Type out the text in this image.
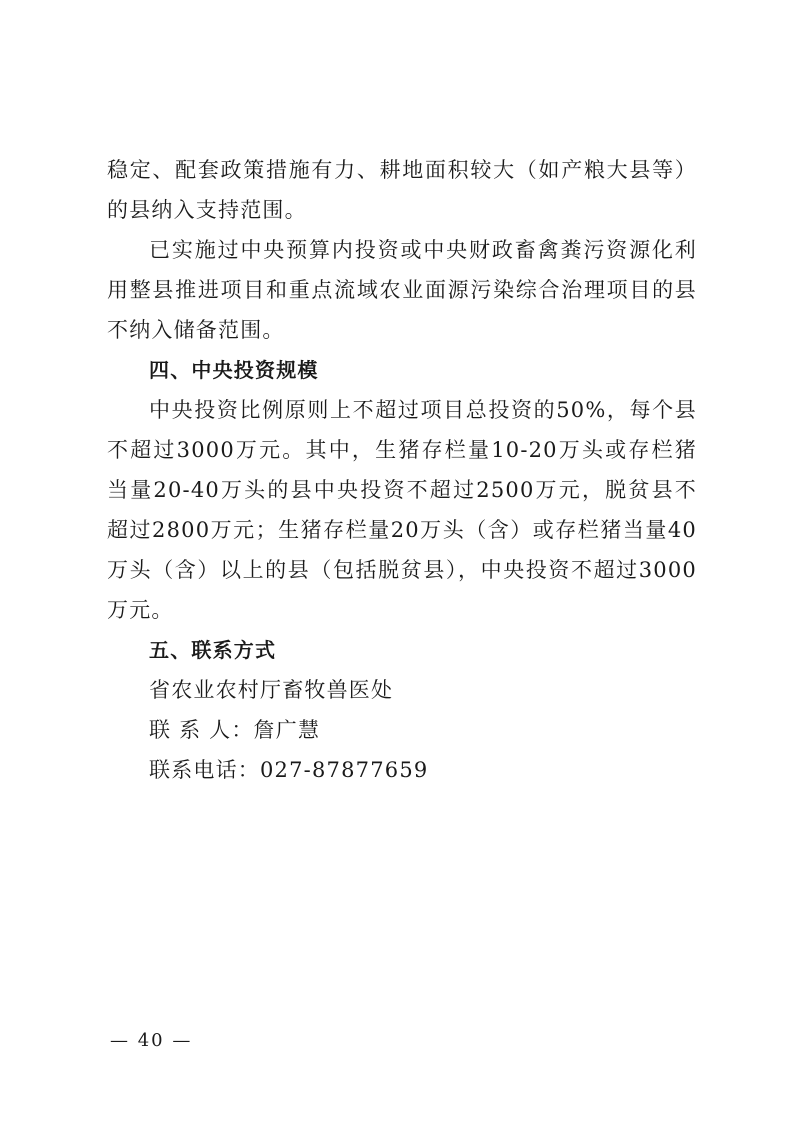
稳定、配套政策措施有力、耕地面积较大（如产粮大县等）的县纳入支持范围。

已实施过中央预算内投资或中央财政畜禽粪污资源化利用整县推进项目和重点流域农业面源污染综合治理项目的县不纳入储备范围。

四、中央投资规模

中央投资比例原则上不超过项目总投资的50%，每个县不超过3000万元。其中，生猪存栏量10-20万头或存栏猪当量20-40万头的县中央投资不超过2500万元，脱贫县不超过2800万元；生猪存栏量20万头（含）或存栏猪当量40万头（含）以上的县（包括脱贫县），中央投资不超过3000万元。

五、联系方式

省农业农村厅畜牧兽医处

联 系 人：詹广慧

联系电话：027-87877659

— 40 —
